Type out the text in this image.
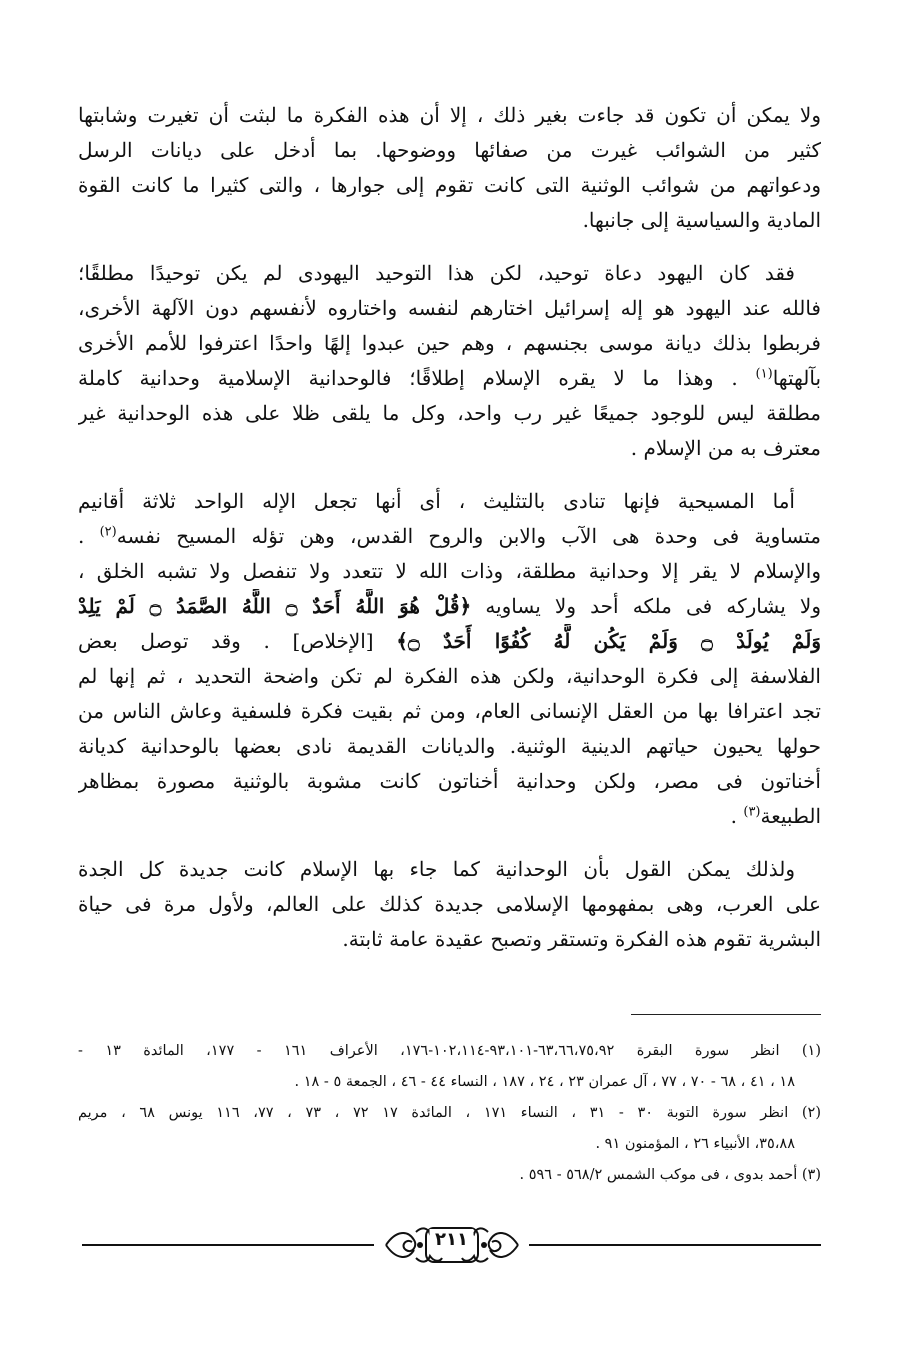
ولا يمكن أن تكون قد جاءت بغير ذلك ، إلا أن هذه الفكرة ما لبثت أن تغيرت وشابتها
كثير من الشوائب غيرت من صفائها ووضوحها. بما أدخل على ديانات الرسل
ودعواتهم من شوائب الوثنية التى كانت تقوم إلى جوارها ، والتى كثيرا ما كانت القوة
المادية والسياسية إلى جانبها.

فقد كان اليهود دعاة توحيد، لكن هذا التوحيد اليهودى لم يكن توحيدًا مطلقًا؛
فالله عند اليهود هو إله إسرائيل اختارهم لنفسه واختاروه لأنفسهم دون الآلهة الأخرى،
فربطوا بذلك ديانة موسى بجنسهم ، وهم حين عبدوا إلهًا واحدًا اعترفوا للأمم الأخرى
بآلهتها$^{(١)}$ . وهذا ما لا يقره الإسلام إطلاقًا؛ فالوحدانية الإسلامية وحدانية كاملة
مطلقة ليس للوجود جميعًا غير رب واحد، وكل ما يلقى ظلا على هذه الوحدانية غير
معترف به من الإسلام .

أما المسيحية فإنها تنادى بالتثليث ، أى أنها تجعل الإله الواحد ثلاثة أقانيم
متساوية فى وحدة هى الآب والابن والروح القدس، وهن تؤله المسيح نفسه$^{(٢)}$ .
والإسلام لا يقر إلا وحدانية مطلقة، وذات الله لا تتعدد ولا تنفصل ولا تشبه الخلق ،
ولا يشاركه فى ملكه أحد ولا يساويه ﴿قُلْ هُوَ اللَّهُ أَحَدٌ ۝ اللَّهُ الصَّمَدُ ۝ لَمْ يَلِدْ
وَلَمْ يُولَدْ ۝ وَلَمْ يَكُن لَّهُ كُفُوًا أَحَدٌ ۝﴾ [الإخلاص] . وقد توصل بعض
الفلاسفة إلى فكرة الوحدانية، ولكن هذه الفكرة لم تكن واضحة التحديد ، ثم إنها لم
تجد اعترافا بها من العقل الإنسانى العام، ومن ثم بقيت فكرة فلسفية وعاش الناس من
حولها يحيون حياتهم الدينية الوثنية. والديانات القديمة نادى بعضها بالوحدانية كديانة
أخناتون فى مصر، ولكن وحدانية أخناتون كانت مشوبة بالوثنية مصورة بمظاهر
الطبيعة$^{(٣)}$ .

ولذلك يمكن القول بأن الوحدانية كما جاء بها الإسلام كانت جديدة كل الجدة
على العرب، وهى بمفهومها الإسلامى جديدة كذلك على العالم، ولأول مرة فى حياة
البشرية تقوم هذه الفكرة وتستقر وتصبح عقيدة عامة ثابتة.

(١) انظر سورة البقرة ٦٣،٦٦،٧٥،٩٢-٩٣،١٠١-١٠٢،١١٤-١٧٦، الأعراف ١٦١ - ١٧٧، المائدة ١٣ -
١٨ ، ٤١ ، ٦٨ - ٧٠ ، ٧٧ ، آل عمران ٢٣ ، ٢٤ ، ١٨٧ ، النساء ٤٤ - ٤٦ ، الجمعة ٥ - ١٨ .
(٢) انظر سورة التوبة ٣٠ - ٣١ ، النساء ١٧١ ، المائدة ١٧ ٧٢ ، ٧٣ ، ٧٧، ١١٦ يونس ٦٨ ، مريم
٣٥،٨٨، الأنبياء ٢٦ ، المؤمنون ٩١ .
(٣) أحمد بدوى ، فى موكب الشمس ٥٦٨/٢ - ٥٩٦ .
٢١١
